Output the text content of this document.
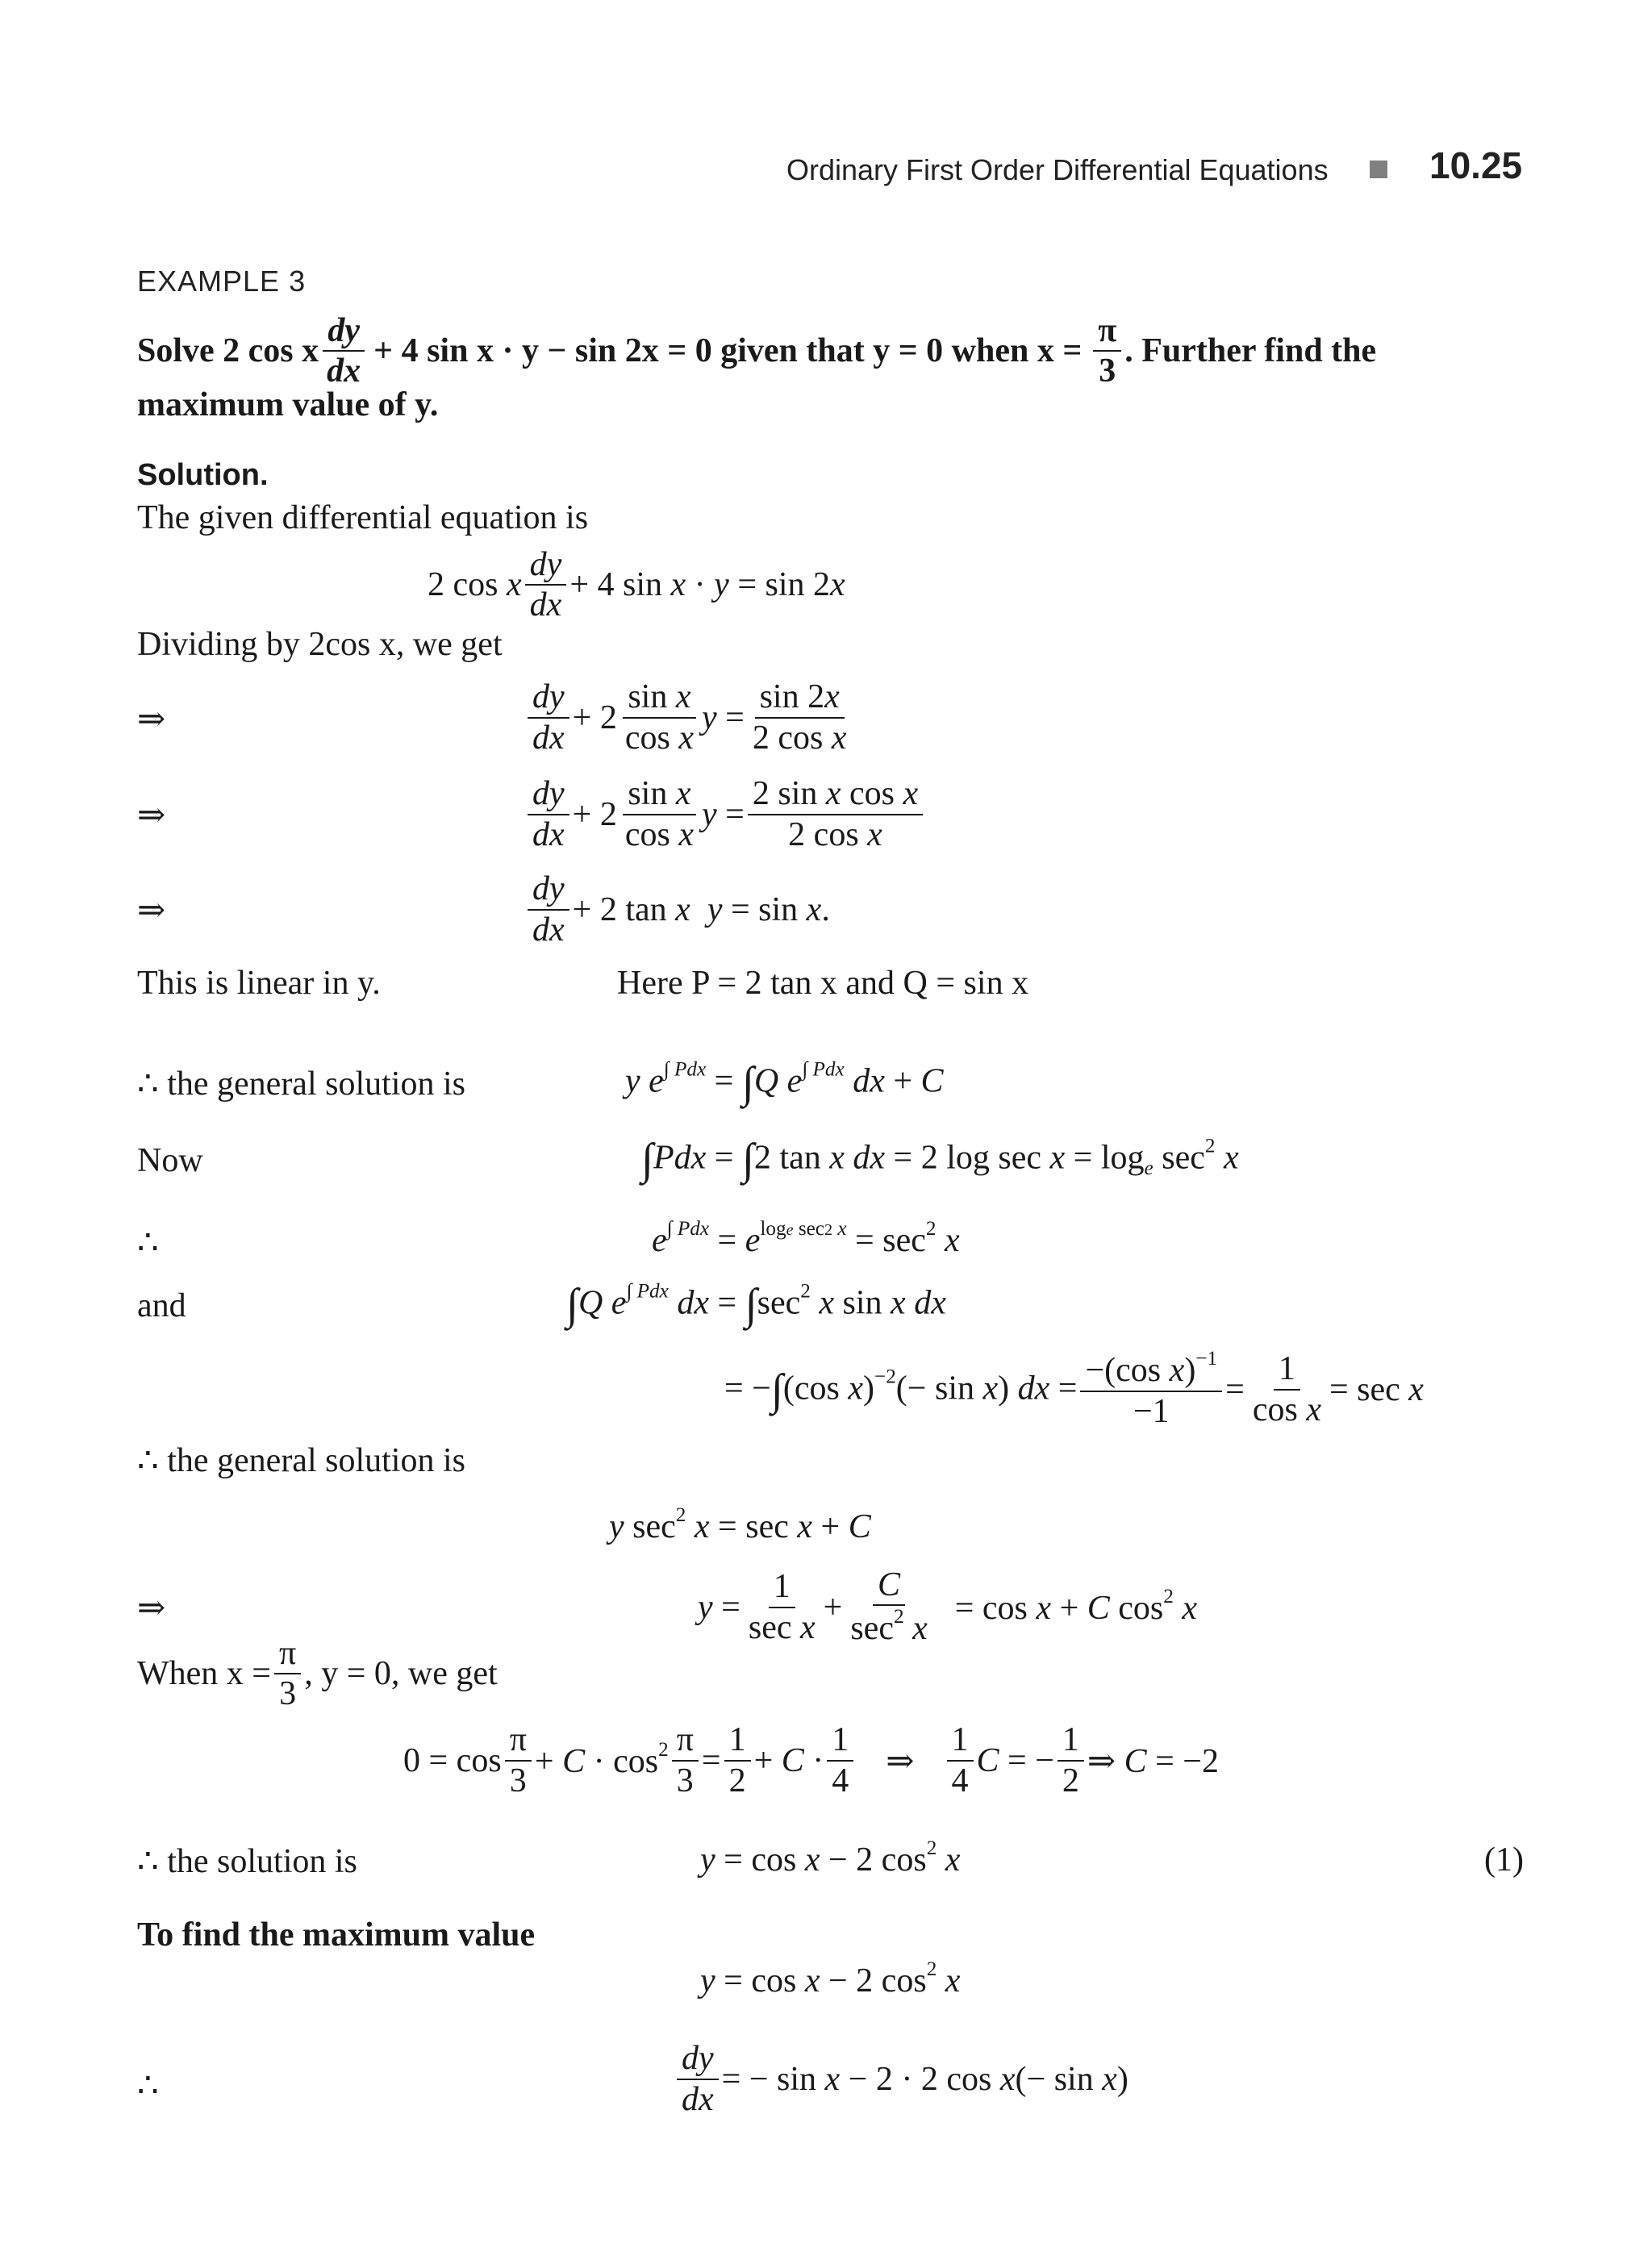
Ordinary First Order Differential Equations	10.25
EXAMPLE 3
Solve 2 cos x $\frac{dy}{dx} + 4$ sin x · y − sin 2x = 0 given that y = 0 when $x = \frac{\pi}{3}$ . Further find the
maximum value of y.
Solution.
The given differential equation is
2 cos x
dy
dx
+ 4 sin x · y = sin 2x
Dividing by 2cos x, we get
⇒
dy
dx
+ 2
sin x
cos x
$y = \frac{\sin 2x}{\text{2 cos x}}$
⇒
dy
dx
+ 2
sin x
cos x
$y = \frac{\text{2 sin x cos x}}{\text{2 cos x}}$
⇒
dy
dx
+ 2 tan x y = sin x.
This is linear in y.	Here P = 2 tan x and Q = sin x
∴ the general solution is	y $e^{\int Pdx} = \int Q$ $e^{\int Pdx}$ dx + C
Now	∫Pdx = ∫2 tan x dx = 2 $\log \sec x = \log_e \sec^2 x$
∴	$e^{\int Pdx} = e^{loge sec2 x} = \sec^2 x$
and	∫Q $e^{\int Pdx}$ dx = $\int\sec^2$ x sin x dx
= −∫(cos x)$^{-2}$(− sin x) dx = $\frac{-(\cos x)^{-1}}{-1} = \frac{1}{\text{cos x}} = \sec x$
∴ the general solution is
y $\sec^2 x = \sec x + C$
⇒	y =
1
sec x
+
C
$\sec^2 x$
= cos x + C $\cos^2 x$
When $x = \frac{\pi}{3}$ , y = 0, we get
0 = cos
π
$3 + C \cdot \cos^2 \frac{\pi}{3} = \frac{1}{2} + C$ ·
1
4
⇒
1
4
C = − $\frac{1}{2}$ ⇒ C = −2
∴ the solution is	y = cos x − 2 $\cos^2 x$	(1)
To find the maximum value
y = cos x − 2 $\cos^2 x$
∴	$\frac{dy}{dx}$ = − sin x − 2 · 2 cos x(− sin x)
